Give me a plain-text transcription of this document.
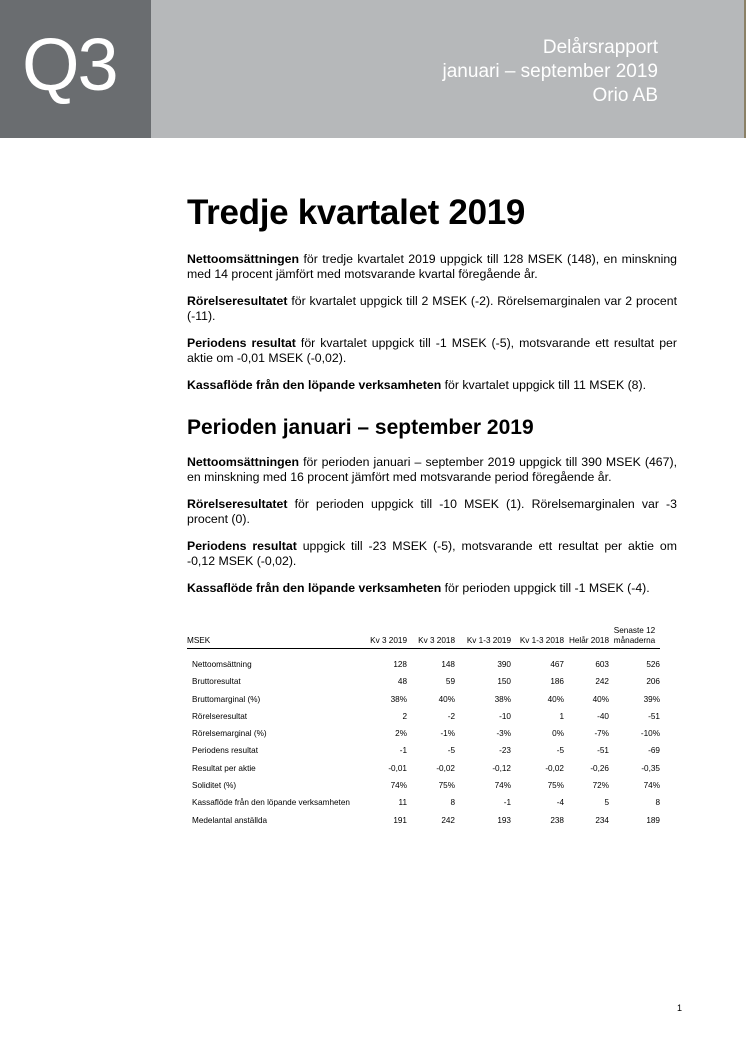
Q3	Delårsrapport
januari – september 2019
Orio AB
Tredje kvartalet 2019

Nettoomsättningen för tredje kvartalet 2019 uppgick till 128 MSEK (148), en minskning med 14 procent jämfört med motsvarande kvartal föregående år.

Rörelseresultatet för kvartalet uppgick till 2 MSEK (-2). Rörelsemarginalen var 2 procent (-11).

Periodens resultat för kvartalet uppgick till -1 MSEK (-5), motsvarande ett resultat per aktie om -0,01 MSEK (-0,02).

Kassaflöde från den löpande verksamheten för kvartalet uppgick till 11 MSEK (8).

Perioden januari – september 2019

Nettoomsättningen för perioden januari – september 2019 uppgick till 390 MSEK (467), en minskning med 16 procent jämfört med motsvarande period föregående år.

Rörelseresultatet för perioden uppgick till -10 MSEK (1). Rörelsemarginalen var -3 procent (0).

Periodens resultat uppgick till -23 MSEK (-5), motsvarande ett resultat per aktie om -0,12 MSEK (-0,02).

Kassaflöde från den löpande verksamheten för perioden uppgick till -1 MSEK (-4).

MSEK	Kv 3 2019	Kv 3 2018	Kv 1-3 2019	Kv 1-3 2018	Helår 2018	Senaste 12 månaderna
Nettoomsättning	128	148	390	467	603	526
Bruttoresultat	48	59	150	186	242	206
Bruttomarginal (%)	38%	40%	38%	40%	40%	39%
Rörelseresultat	2	-2	-10	1	-40	-51
Rörelsemarginal (%)	2%	-1%	-3%	0%	-7%	-10%
Periodens resultat	-1	-5	-23	-5	-51	-69
Resultat per aktie	-0,01	-0,02	-0,12	-0,02	-0,26	-0,35
Soliditet (%)	74%	75%	74%	75%	72%	74%
Kassaflöde från den löpande verksamheten	11	8	-1	-4	5	8
Medelantal anställda	191	242	193	238	234	189
1
